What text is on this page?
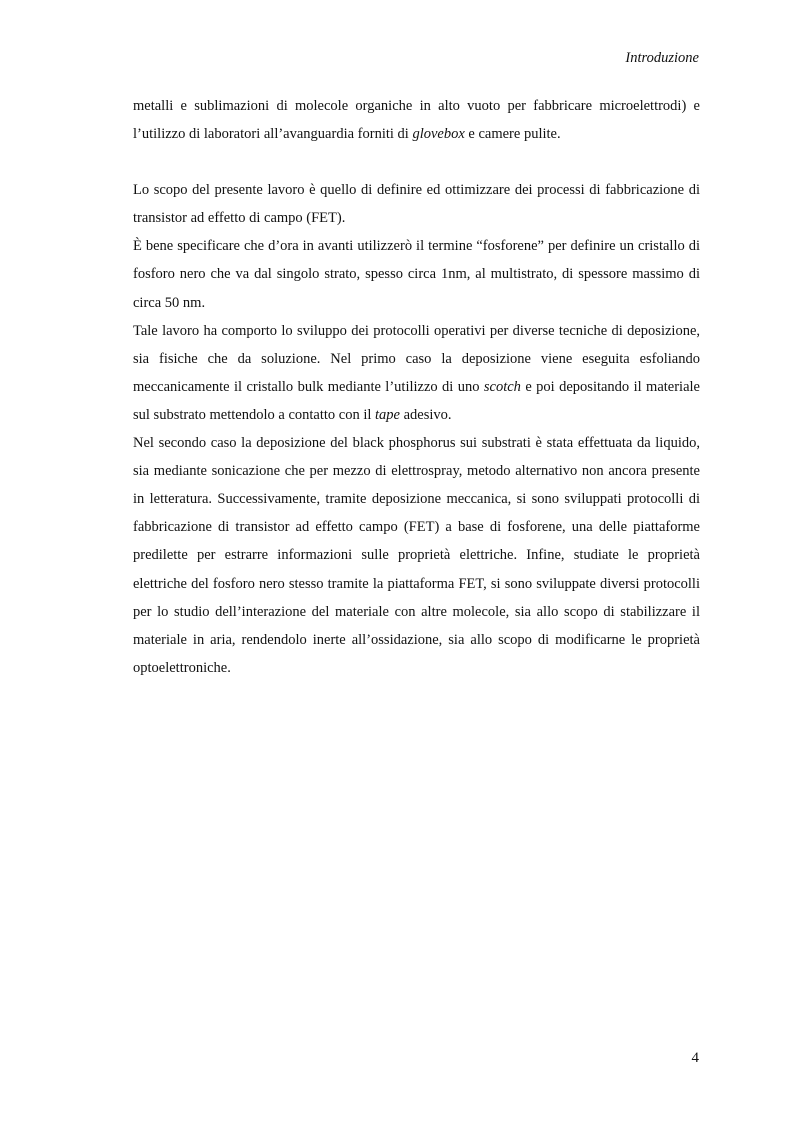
Introduzione

metalli e sublimazioni di molecole organiche in alto vuoto per fabbricare microelettrodi) e l’utilizzo di laboratori all’avanguardia forniti di glovebox e camere pulite.

Lo scopo del presente lavoro è quello di definire ed ottimizzare dei processi di fabbricazione di transistor ad effetto di campo (FET).

È bene specificare che d’ora in avanti utilizzerò il termine “fosforene” per definire un cristallo di fosforo nero che va dal singolo strato, spesso circa 1nm, al multistrato, di spessore massimo di circa 50 nm.

Tale lavoro ha comporto lo sviluppo dei protocolli operativi per diverse tecniche di deposizione, sia fisiche che da soluzione. Nel primo caso la deposizione viene eseguita esfoliando meccanicamente il cristallo bulk mediante l’utilizzo di uno scotch e poi depositando il materiale sul substrato mettendolo a contatto con il tape adesivo.

Nel secondo caso la deposizione del black phosphorus sui substrati è stata effettuata da liquido, sia mediante sonicazione che per mezzo di elettrospray, metodo alternativo non ancora presente in letteratura. Successivamente, tramite deposizione meccanica, si sono sviluppati protocolli di fabbricazione di transistor ad effetto campo (FET) a base di fosforene, una delle piattaforme predilette per estrarre informazioni sulle proprietà elettriche. Infine, studiate le proprietà elettriche del fosforo nero stesso tramite la piattaforma FET, si sono sviluppate diversi protocolli per lo studio dell’interazione del materiale con altre molecole, sia allo scopo di stabilizzare il materiale in aria, rendendolo inerte all’ossidazione, sia allo scopo di modificarne le proprietà optoelettroniche.

4
